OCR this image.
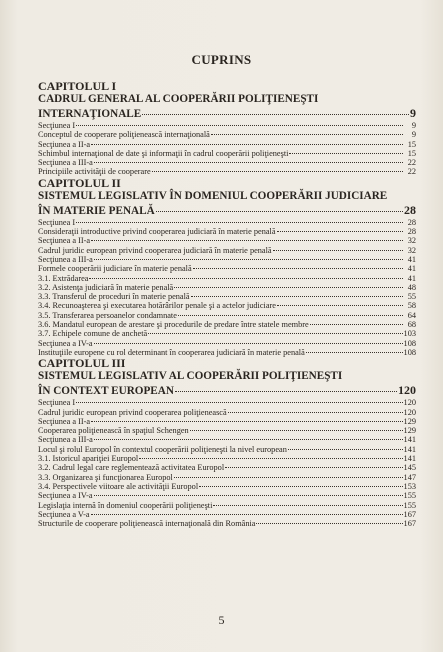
CUPRINS
CAPITOLUL I
CADRUL GENERAL AL COOPERĂRII POLIŢIENEŞTI
INTERNAŢIONALE	9
Secţiunea I	9
Conceptul de cooperare poliţienească internaţională	9
Secţiunea a II-a	15
Schimbul internaţional de date şi informaţii în cadrul cooperării poliţieneşti	15
Secţiunea a III-a	22
Principiile activităţii de cooperare	22
CAPITOLUL II
SISTEMUL LEGISLATIV ÎN DOMENIUL COOPERĂRII JUDICIARE
ÎN MATERIE PENALĂ	28
Secţiunea I	28
Consideraţii introductive privind cooperarea judiciară în materie penală	28
Secţiunea a II-a	32
Cadrul juridic european privind cooperarea judiciară în materie penală	32
Secţiunea a III-a	41
Formele cooperării judiciare în materie penală	41
3.1. Extrădarea	41
3.2. Asistenţa judiciară în materie penală	48
3.3. Transferul de proceduri în materie penală	55
3.4. Recunoaşterea şi executarea hotărârilor penale şi a actelor judiciare	58
3.5. Transferarea persoanelor condamnate	64
3.6. Mandatul european de arestare şi procedurile de predare între statele membre	68
3.7. Echipele comune de anchetă	103
Secţiunea a IV-a	108
Instituţiile europene cu rol determinant în cooperarea judiciară în materie penală	108
CAPITOLUL III
SISTEMUL LEGISLATIV AL COOPERĂRII POLIŢIENEŞTI
ÎN CONTEXT EUROPEAN	120
Secţiunea I	120
Cadrul juridic european privind cooperarea poliţienească	120
Secţiunea a II-a	129
Cooperarea poliţienească în spaţiul Schengen	129
Secţiunea a III-a	141
Locul şi rolul Europol în contextul cooperării poliţieneşti la nivel european	141
3.1. Istoricul apariţiei Europol	141
3.2. Cadrul legal care reglementează activitatea Europol	145
3.3. Organizarea şi funcţionarea Europol	147
3.4. Perspectivele viitoare ale activităţii Europol	153
Secţiunea a IV-a	155
Legislaţia internă în domeniul cooperării poliţieneşti	155
Secţiunea a V-a	167
Structurile de cooperare poliţienească internaţională din România	167
5
